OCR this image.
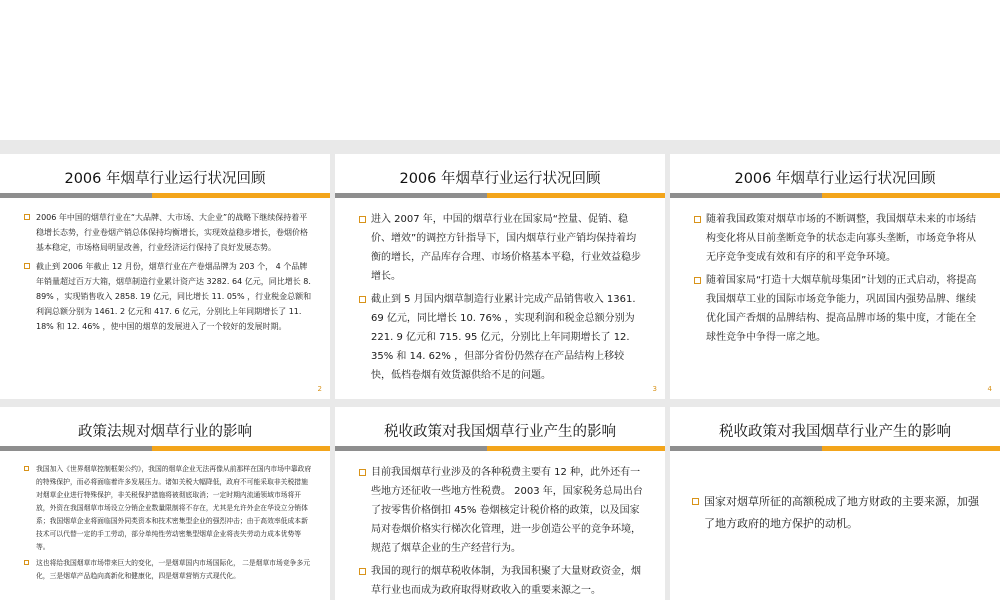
2006 年烟草行业运行状况回顾
2006 年中国的烟草行业在“大品牌、大市场、大企业”的战略下继续保持着平稳增长态势，行业卷烟产销总体保持均衡增长，实现效益稳步增长，卷烟价格基本稳定，市场格局明显改善，行业经济运行保持了良好发展态势。
截止到 2006 年截止 12 月份，烟草行业在产卷烟品牌为 203 个， 4 个品牌年销量超过百万大箱，烟草制造行业累计资产达 3282. 64 亿元，同比增长 8. 89% ，实现销售收入 2858. 19 亿元，同比增长 11. 05% ，行业税金总额和利润总额分别为 1461. 2 亿元和 417. 6 亿元，分别比上年同期增长了 11. 18% 和 12. 46% ，使中国的烟草的发展进入了一个较好的发展时期。
2
2006 年烟草行业运行状况回顾
进入 2007 年，中国的烟草行业在国家局“控量、促销、稳价、增效”的调控方针指导下，国内烟草行业产销均保持着均衡的增长，产品库存合理、市场价格基本平稳，行业效益稳步增长。
截止到 5 月国内烟草制造行业累计完成产品销售收入 1361. 69 亿元，同比增长 10. 76% ，实现利润和税金总额分别为 221. 9 亿元和 715. 95 亿元，分别比上年同期增长了 12. 35% 和 14. 62% ，但部分省份仍然存在产品结构上移较快，低档卷烟有效货源供给不足的问题。
3
2006 年烟草行业运行状况回顾
随着我国政策对烟草市场的不断调整，我国烟草未来的市场结构变化将从目前垄断竞争的状态走向寡头垄断，市场竞争将从无序竞争变成有效和有序的和平竞争环境。
随着国家局“打造十大烟草航母集团”计划的正式启动，将提高我国烟草工业的国际市场竞争能力，巩固国内强势品牌、继续优化国产香烟的品牌结构、提高品牌市场的集中度，才能在全球性竞争中争得一席之地。
4
政策法规对烟草行业的影响
我国加入《世界烟草控制框架公约》，我国的烟草企业无法再像从前那样在国内市场中靠政府的特殊保护，而必将面临着许多发展压力。诸如关税大幅降低，政府不可能采取非关税措施对烟草企业进行特殊保护，非关税保护措施将被彻底取消；一定时期内流通领域市场将开放，外资在我国烟草市场设立分销企业数量限制将不存在，尤其是允许外企在华设立分销体系；我国烟草企业将面临国外同类资本和技术密集型企业的强烈冲击；由于高效率低成本新技术可以代替一定的手工劳动，部分单纯性劳动密集型烟草企业将丧失劳动力成本优势等等。
这也将给我国烟草市场带来巨大的变化，一是烟草国内市场国际化， 二是烟草市场竞争多元化，三是烟草产品趋向高新化和健康化，四是烟草营销方式现代化。
税收政策对我国烟草行业产生的影响
目前我国烟草行业涉及的各种税费主要有 12 种，此外还有一些地方还征收一些地方性税费。 2003 年，国家税务总局出台了按零售价格倒扣 45% 卷烟核定计税价格的政策，以及国家局对卷烟价格实行梯次化管理，进一步创造公平的竞争环境，规范了烟草企业的生产经营行为。
我国的现行的烟草税收体制，为我国积聚了大量财政资金，烟草行业也而成为政府取得财政收入的重要来源之一。
税收政策对我国烟草行业产生的影响
国家对烟草所征的高额税成了地方财政的主要来源，加强了地方政府的地方保护的动机。
